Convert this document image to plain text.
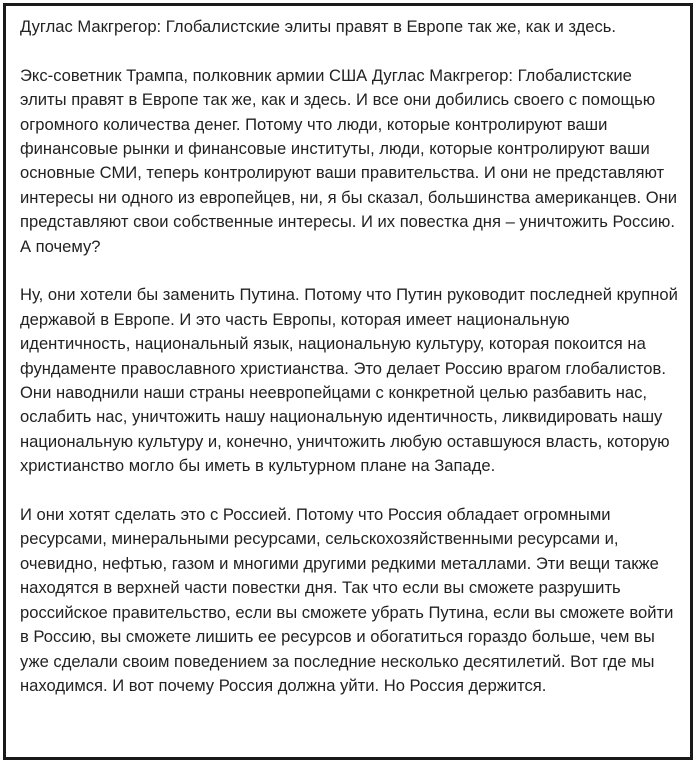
Дуглас Макгрегор: Глобалистские элиты правят в Европе так же, как и здесь.

Экс-советник Трампа, полковник армии США Дуглас Макгрегор: Глобалистские элиты правят в Европе так же, как и здесь. И все они добились своего с помощью огромного количества денег. Потому что люди, которые контролируют ваши финансовые рынки и финансовые институты, люди, которые контролируют ваши основные СМИ, теперь контролируют ваши правительства. И они не представляют интересы ни одного из европейцев, ни, я бы сказал, большинства американцев. Они представляют свои собственные интересы. И их повестка дня – уничтожить Россию. А почему?

Ну, они хотели бы заменить Путина. Потому что Путин руководит последней крупной державой в Европе. И это часть Европы, которая имеет национальную идентичность, национальный язык, национальную культуру, которая покоится на фундаменте православного христианства. Это делает Россию врагом глобалистов. Они наводнили наши страны неевропейцами с конкретной целью разбавить нас, ослабить нас, уничтожить нашу национальную идентичность, ликвидировать нашу национальную культуру и, конечно, уничтожить любую оставшуюся власть, которую христианство могло бы иметь в культурном плане на Западе.

И они хотят сделать это с Россией. Потому что Россия обладает огромными ресурсами, минеральными ресурсами, сельскохозяйственными ресурсами и, очевидно, нефтью, газом и многими другими редкими металлами. Эти вещи также находятся в верхней части повестки дня. Так что если вы сможете разрушить российское правительство, если вы сможете убрать Путина, если вы сможете войти в Россию, вы сможете лишить ее ресурсов и обогатиться гораздо больше, чем вы уже сделали своим поведением за последние несколько десятилетий. Вот где мы находимся. И вот почему Россия должна уйти. Но Россия держится.
